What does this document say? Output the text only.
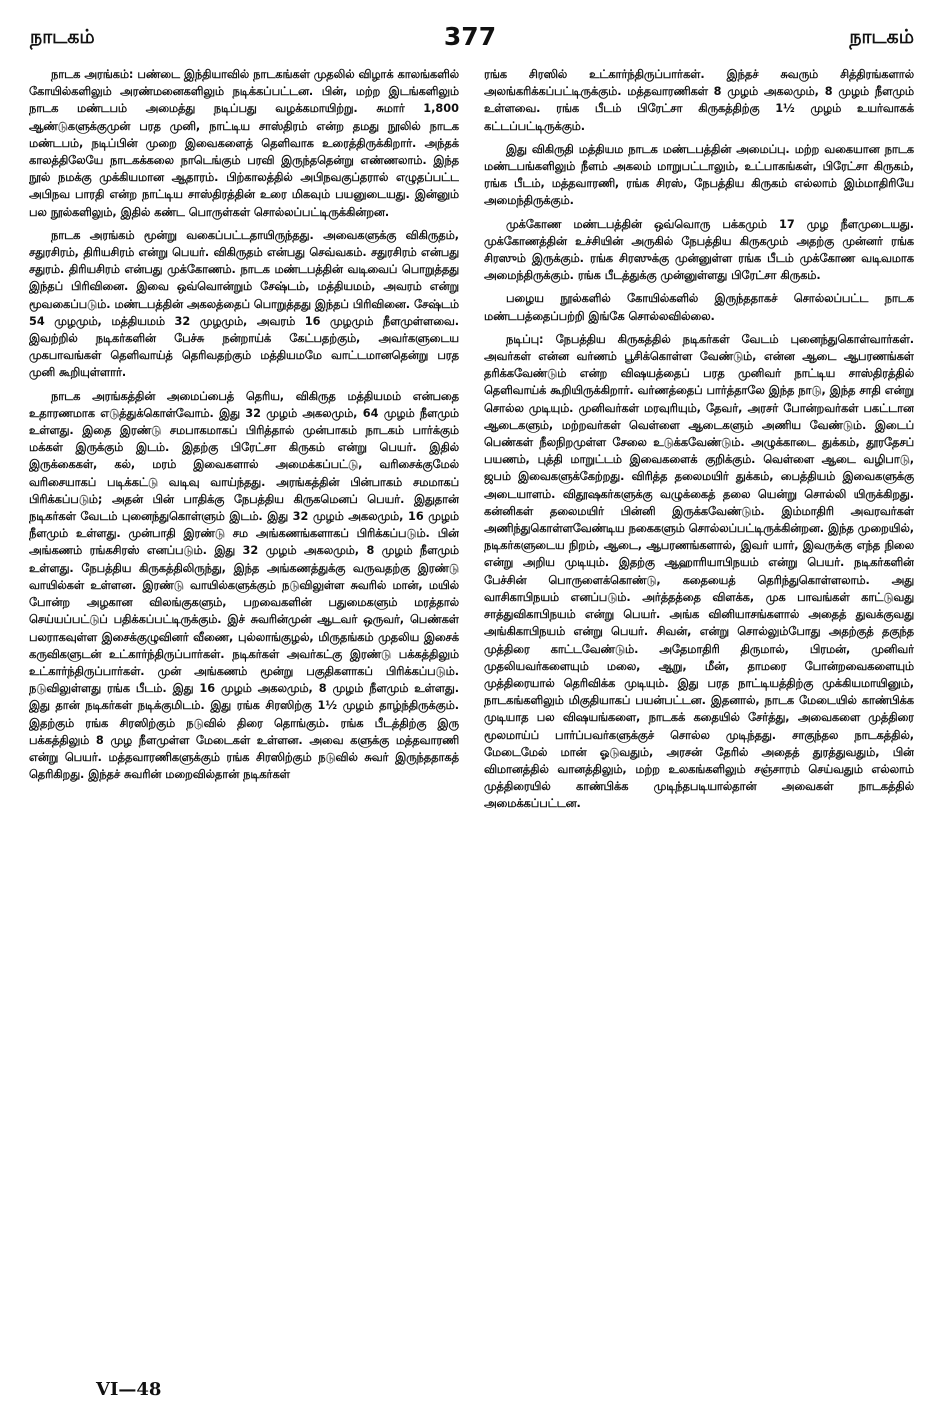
நாடகம்	377	நாடகம்

நாடக அரங்கம்: பண்டை இந்தியாவில் நாடகங்கள் முதலில் விழாக் காலங்களில் கோயில்களிலும் அரண்மனைகளிலும் நடிக்கப்பட்டன. பின், மற்ற இடங்களிலும் நாடக மண்டபம் அமைத்து நடிப்பது வழக்கமாயிற்று. சுமார் 1,800 ஆண்டுகளுக்குமுன் பரத முனி, நாட்டிய சாஸ்திரம் என்ற தமது நூலில் நாடக மண்டபம், நடிப்பின் முறை இவைகளைத் தெளிவாக உரைத்திருக்கிறார். அந்தக் காலத்திலேயே நாடகக்கலை நாடெங்கும் பரவி இருந்ததென்று எண்ணலாம். இந்த நூல் நமக்கு முக்கியமான ஆதாரம். பிற்காலத்தில் அபிநவகுப்தரால் எழுதப்பட்ட அபிநவ பாரதி என்ற நாட்டிய சாஸ்திரத்தின் உரை மிகவும் பயனுடையது. இன்னும் பல நூல்களிலும், இதில் கண்ட பொருள்கள் சொல்லப்பட்டிருக்கின்றன.

நாடக அரங்கம் மூன்று வகைப்பட்டதாயிருந்தது. அவைகளுக்கு விகிருதம், சதுரசிரம், திரியசிரம் என்று பெயர். விகிருதம் என்பது செவ்வகம். சதுரசிரம் என்பது சதுரம். திரியசிரம் என்பது முக்கோணம். நாடக மண்டபத்தின் வடிவைப் பொறுத்தது இந்தப் பிரிவினை. இவை ஒவ்வொன்றும் சேஷ்டம், மத்தியமம், அவரம் என்று மூவகைப்படும். மண்டபத்தின் அகலத்தைப் பொறுத்தது இந்தப் பிரிவினை. சேஷ்டம் 54 முழமும், மத்தியமம் 32 முழமும், அவரம் 16 முழமும் நீளமுள்ளவை. இவற்றில் நடிகர்களின் பேச்சு நன்றாய்க் கேட்பதற்கும், அவர்களுடைய முகபாவங்கள் தெளிவாய்த் தெரிவதற்கும் மத்தியமமே வாட்டமானதென்று பரத முனி கூறியுள்ளார்.

நாடக அரங்கத்தின் அமைப்பைத் தெரிய, விகிருத மத்தியமம் என்பதை உதாரணமாக எடுத்துக்கொள்வோம். இது 32 முழம் அகலமும், 64 முழம் நீளமும் உள்ளது. இதை இரண்டு சமபாகமாகப் பிரித்தால் முன்பாகம் நாடகம் பார்க்கும் மக்கள் இருக்கும் இடம். இதற்கு பிரேட்சா கிருகம் என்று பெயர். இதில் இருக்கைகள், கல், மரம் இவைகளால் அமைக்கப்பட்டு, வரிசைக்குமேல் வரிசையாகப் படிக்கட்டு வடிவு வாய்ந்தது. அரங்கத்தின் பின்பாகம் சமமாகப் பிரிக்கப்படும்; அதன் பின் பாதிக்கு நேபத்திய கிருகமெனப் பெயர். இதுதான் நடிகர்கள் வேடம் புனைந்துகொள்ளும் இடம். இது 32 முழம் அகலமும், 16 முழம் நீளமும் உள்ளது. முன்பாதி இரண்டு சம அங்கணங்களாகப் பிரிக்கப்படும். பின் அங்கணம் ரங்கசிரஸ் எனப்படும். இது 32 முழம் அகலமும், 8 முழம் நீளமும் உள்ளது. நேபத்திய கிருகத்திலிருந்து, இந்த அங்கணத்துக்கு வருவதற்கு இரண்டு வாயில்கள் உள்ளன. இரண்டு வாயில்களுக்கும் நடுவிலுள்ள சுவரில் மான், மயில் போன்ற அழகான விலங்குகளும், பறவைகளின் பதுமைகளும் மரத்தால் செய்யப்பட்டுப் பதிக்கப்பட்டிருக்கும். இச் சுவரின்முன் ஆடவர் ஒருவர், பெண்கள் பலராகவுள்ள இசைக்குழுவினர் வீணை, புல்லாங்குழல், மிருதங்கம் முதலிய இசைக் கருவிகளுடன் உட்கார்ந்திருப்பார்கள். நடிகர்கள் அவர்கட்கு இரண்டு பக்கத்திலும் உட்கார்ந்திருப்பார்கள். முன் அங்கணம் மூன்று பகுதிகளாகப் பிரிக்கப்படும். நடுவிலுள்ளது ரங்க பீடம். இது 16 முழம் அகலமும், 8 முழம் நீளமும் உள்ளது. இது தான் நடிகர்கள் நடிக்குமிடம். இது ரங்க சிரஸிற்கு 1½ முழம் தாழ்ந்திருக்கும். இதற்கும் ரங்க சிரஸிற்கும் நடுவில் திரை தொங்கும். ரங்க பீடத்திற்கு இரு பக்கத்திலும் 8 முழ நீளமுள்ள மேடைகள் உள்ளன. அவை களுக்கு மத்தவாரணி என்று பெயர். மத்தவாரணிகளுக்கும் ரங்க சிரஸிற்கும் நடுவில் சுவர் இருந்ததாகத் தெரிகிறது. இந்தச் சுவரின் மறைவில்தான் நடிகர்கள்

ரங்க சிரஸில் உட்கார்ந்திருப்பார்கள். இந்தச் சுவரும் சித்திரங்களால் அலங்கரிக்கப்பட்டிருக்கும். மத்தவாரணிகள் 8 முழம் அகலமும், 8 முழம் நீளமும் உள்ளவை. ரங்க பீடம் பிரேட்சா கிருகத்திற்கு 1½ முழம் உயர்வாகக் கட்டப்பட்டிருக்கும்.

இது விகிருதி மத்தியம நாடக மண்டபத்தின் அமைப்பு. மற்ற வகையான நாடக மண்டபங்களிலும் நீளம் அகலம் மாறுபட்டாலும், உட்பாகங்கள், பிரேட்சா கிருகம், ரங்க பீடம், மத்தவாரணி, ரங்க சிரஸ், நேபத்திய கிருகம் எல்லாம் இம்மாதிரியே அமைந்திருக்கும்.

முக்கோண மண்டபத்தின் ஒவ்வொரு பக்கமும் 17 முழ நீளமுடையது. முக்கோணத்தின் உச்சியின் அருகில் நேபத்திய கிருகமும் அதற்கு முன்னர் ரங்க சிரஸும் இருக்கும். ரங்க சிரஸுக்கு முன்னுள்ள ரங்க பீடம் முக்கோண வடிவமாக அமைந்திருக்கும். ரங்க பீடத்துக்கு முன்னுள்ளது பிரேட்சா கிருகம்.

பழைய நூல்களில் கோயில்களில் இருந்ததாகச் சொல்லப்பட்ட நாடக மண்டபத்தைப்பற்றி இங்கே சொல்லவில்லை.

நடிப்பு: நேபத்திய கிருகத்தில் நடிகர்கள் வேடம் புனைந்துகொள்வார்கள். அவர்கள் என்ன வர்ணம் பூசிக்கொள்ள வேண்டும், என்ன ஆடை ஆபரணங்கள் தரிக்கவேண்டும் என்ற விஷயத்தைப் பரத முனிவர் நாட்டிய சாஸ்திரத்தில் தெளிவாய்க் கூறியிருக்கிறார். வர்ணத்தைப் பார்த்தாலே இந்த நாடு, இந்த சாதி என்று சொல்ல முடியும். முனிவர்கள் மரவுரியும், தேவர், அரசர் போன்றவர்கள் பகட்டான ஆடைகளும், மற்றவர்கள் வெள்ளை ஆடைகளும் அணிய வேண்டும். இடைப் பெண்கள் நீலநிறமுள்ள சேலை உடுக்கவேண்டும். அழுக்காடை துக்கம், தூரதேசப் பயணம், புத்தி மாறுட்டம் இவைகளைக் குறிக்கும். வெள்ளை ஆடை வழிபாடு, ஜபம் இவைகளுக்கேற்றது. விரித்த தலைமயிர் துக்கம், பைத்தியம் இவைகளுக்கு அடையாளம். விதூஷகர்களுக்கு வழுக்கைத் தலை யென்று சொல்லி யிருக்கிறது. கன்னிகள் தலைமயிர் பின்னி இருக்கவேண்டும். இம்மாதிரி அவரவர்கள் அணிந்துகொள்ளவேண்டிய நகைகளும் சொல்லப்பட்டிருக்கின்றன. இந்த முறையில், நடிகர்களுடைய நிறம், ஆடை, ஆபரணங்களால், இவர் யார், இவருக்கு எந்த நிலை என்று அறிய முடியும். இதற்கு ஆஹாரியாபிநயம் என்று பெயர். நடிகர்களின் பேச்சின் பொருளைக்கொண்டு, கதையைத் தெரிந்துகொள்ளலாம். அது வாசிகாபிநயம் எனப்படும். அர்த்தத்தை விளக்க, முக பாவங்கள் காட்டுவது சாத்துவிகாபிநயம் என்று பெயர். அங்க வினியாசங்களால் அதைத் துவக்குவது அங்கிகாபிநயம் என்று பெயர். சிவன், என்று சொல்லும்போது அதற்குத் தகுந்த முத்திரை காட்டவேண்டும். அதேமாதிரி திருமால், பிரமன், முனிவர் முதலியவர்களையும் மலை, ஆறு, மீன், தாமரை போன்றவைகளையும் முத்திரையால் தெரிவிக்க முடியும். இது பரத நாட்டியத்திற்கு முக்கியமாயினும், நாடகங்களிலும் மிகுதியாகப் பயன்பட்டன. இதனால், நாடக மேடையில் காண்பிக்க முடியாத பல விஷயங்களை, நாடகக் கதையில் சேர்த்து, அவைகளை முத்திரை மூலமாய்ப் பார்ப்பவர்களுக்குச் சொல்ல முடிந்தது. சாகுந்தல நாடகத்தில், மேடைமேல் மான் ஓடுவதும், அரசன் தேரில் அதைத் துரத்துவதும், பின் விமானத்தில் வானத்திலும், மற்ற உலகங்களிலும் சஞ்சாரம் செய்வதும் எல்லாம் முத்திரையில் காண்பிக்க முடிந்தபடியால்தான் அவைகள் நாடகத்தில் அமைக்கப்பட்டன.

VI—48
